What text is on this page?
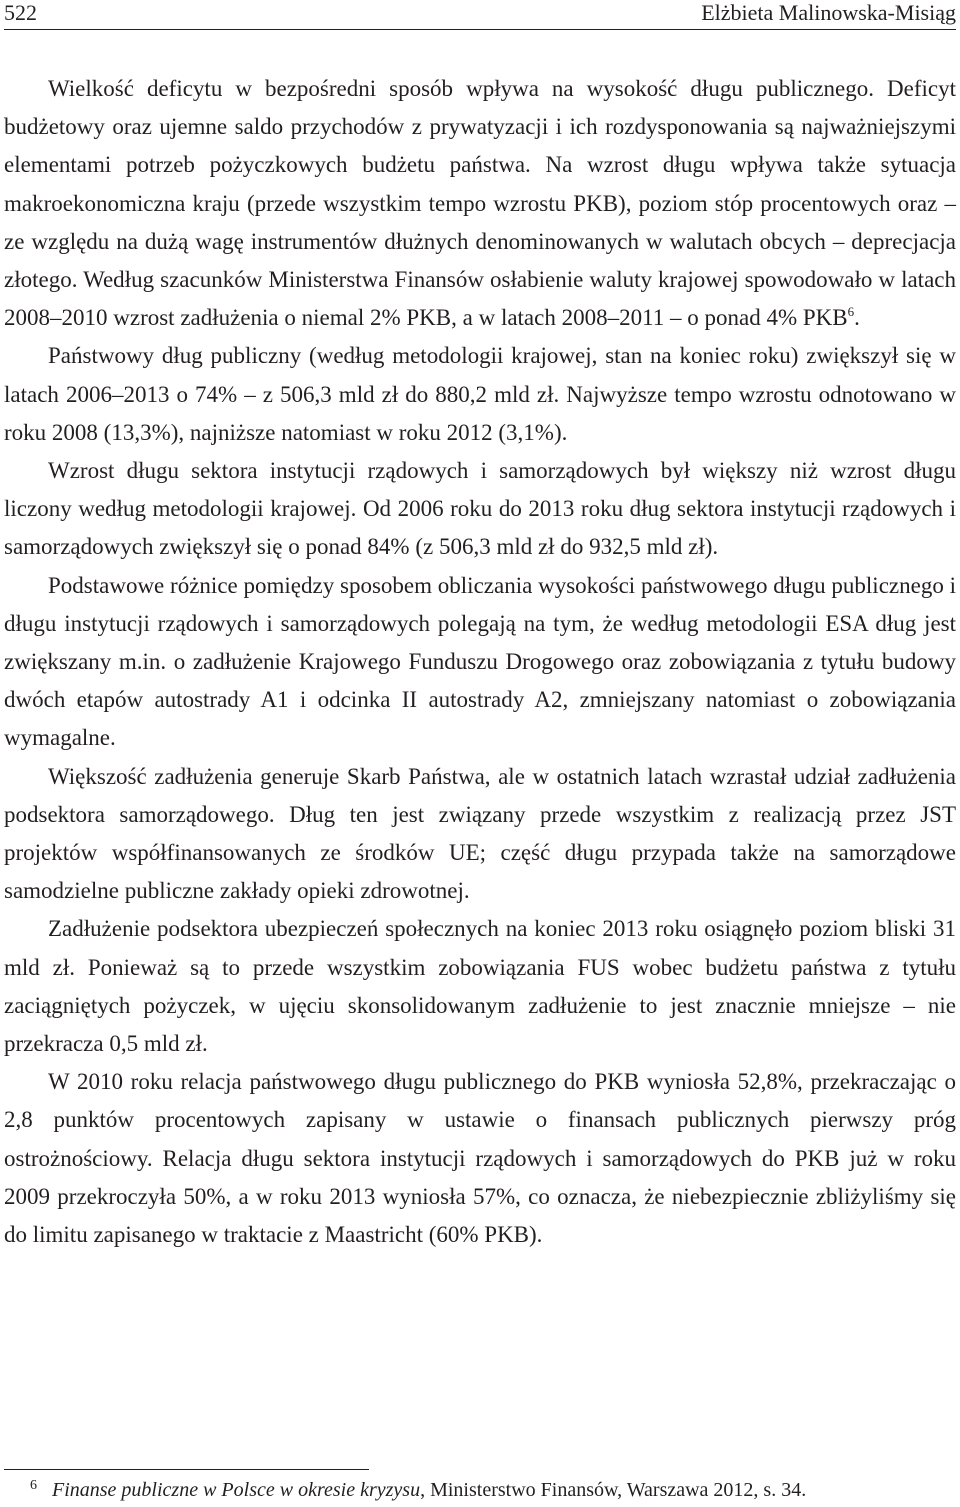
522	Elżbieta Malinowska-Misiąg

Wielkość deficytu w bezpośredni sposób wpływa na wysokość długu publicznego. Deficyt budżetowy oraz ujemne saldo przychodów z prywatyzacji i ich rozdysponowania są najważniejszymi elementami potrzeb pożyczkowych budżetu państwa. Na wzrost długu wpływa także sytuacja makroekonomiczna kraju (przede wszystkim tempo wzrostu PKB), poziom stóp procentowych oraz – ze względu na dużą wagę instrumentów dłużnych denominowanych w walutach obcych – deprecjacja złotego. Według szacunków Ministerstwa Finansów osłabienie waluty krajowej spowodowało w latach 2008–2010 wzrost zadłużenia o niemal 2% PKB, a w latach 2008–2011 – o ponad 4% PKB$^6$.

Państwowy dług publiczny (według metodologii krajowej, stan na koniec roku) zwiększył się w latach 2006–2013 o 74% – z 506,3 mld zł do 880,2 mld zł. Najwyższe tempo wzrostu odnotowano w roku 2008 (13,3%), najniższe natomiast w roku 2012 (3,1%).

Wzrost długu sektora instytucji rządowych i samorządowych był większy niż wzrost długu liczony według metodologii krajowej. Od 2006 roku do 2013 roku dług sektora instytucji rządowych i samorządowych zwiększył się o ponad 84% (z 506,3 mld zł do 932,5 mld zł).

Podstawowe różnice pomiędzy sposobem obliczania wysokości państwowego długu publicznego i długu instytucji rządowych i samorządowych polegają na tym, że według metodologii ESA dług jest zwiększany m.in. o zadłużenie Krajowego Funduszu Drogowego oraz zobowiązania z tytułu budowy dwóch etapów autostrady A1 i odcinka II autostrady A2, zmniejszany natomiast o zobowiązania wymagalne.

Większość zadłużenia generuje Skarb Państwa, ale w ostatnich latach wzrastał udział zadłużenia podsektora samorządowego. Dług ten jest związany przede wszystkim z realizacją przez JST projektów współfinansowanych ze środków UE; część długu przypada także na samorządowe samodzielne publiczne zakłady opieki zdrowotnej.

Zadłużenie podsektora ubezpieczeń społecznych na koniec 2013 roku osiągnęło poziom bliski 31 mld zł. Ponieważ są to przede wszystkim zobowiązania FUS wobec budżetu państwa z tytułu zaciągniętych pożyczek, w ujęciu skonsolidowanym zadłużenie to jest znacznie mniejsze – nie przekracza 0,5 mld zł.

W 2010 roku relacja państwowego długu publicznego do PKB wyniosła 52,8%, przekraczając o 2,8 punktów procentowych zapisany w ustawie o finansach publicznych pierwszy próg ostrożnościowy. Relacja długu sektora instytucji rządowych i samorządowych do PKB już w roku 2009 przekroczyła 50%, a w roku 2013 wyniosła 57%, co oznacza, że niebezpiecznie zbliżyliśmy się do limitu zapisanego w traktacie z Maastricht (60% PKB).

6 Finanse publiczne w Polsce w okresie kryzysu, Ministerstwo Finansów, Warszawa 2012, s. 34.
